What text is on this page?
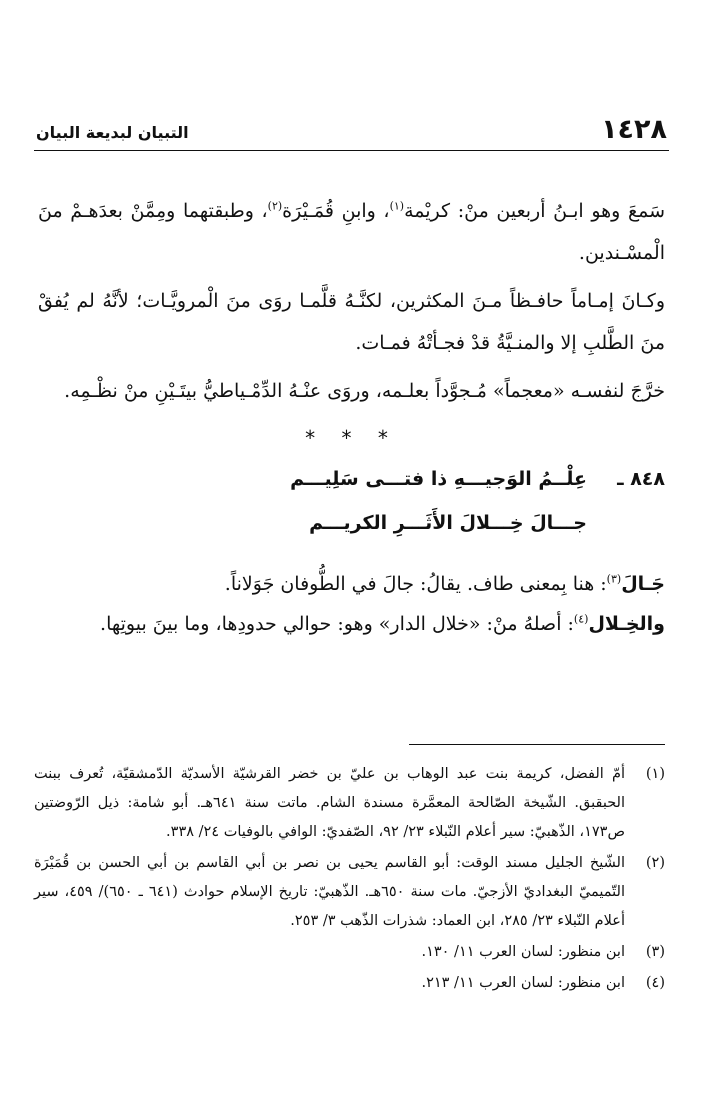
١٤٢٨
التبيان لبديعة البيان

سَمعَ وهو ابـنُ أربعين منْ: كريْمة$^{(١)}$، وابنِ قُمَـيْرَة$^{(٢)}$، وطبقتهما ومِمَّنْ بعدَهـمْ منَ الْمسْـندين.

وكـانَ إمـاماً حافـظاً مـنَ المكثرين، لكنَّـهُ قلَّمـا روَى منَ الْمرويَّـات؛ لأنَّهُ لم يُفقْ منَ الطَّلبِ إلا والمنـيَّةُ قدْ فجـأتْهُ فمـات.

خرَّجَ لنفسـه «معجماً» مُـجوَّداً بعلـمه، وروَى عنْـهُ الدِّمْـياطيُّ بيتَـيْنِ منْ نظْـمِه.

* * *
٨٤٨ ـ
عِلْــمُ الوَجيـــهِ ذا فتـــى سَلِيـــم
جـــالَ خِـــلالَ الأَثَـــرِ الكريـــم

جَـالَ$^{(٣)}$: هنا بِمعنى طاف. يقالُ: جالَ في الطُّوفان جَوَلاناً.

والخِـلال$^{(٤)}$: أصلهُ منْ: «خلال الدار» وهو: حوالي حدودِها، وما بينَ بيوتِها.

(١)
أمّ الفضل، كريمة بنت عبد الوهاب بن عليّ بن خضر القرشيّة الأسديّة الدّمشقيّة، تُعرف ببنت الحبقبق. الشّيخة الصّالحة المعمَّرة مسندة الشام. ماتت سنة ٦٤١هـ. أبو شامة: ذيل الرّوضتين ص١٧٣، الذّهبيّ: سير أعلام النّبلاء ٢٣/ ٩٢، الصّفديّ: الوافي بالوفيات ٢٤/ ٣٣٨.
(٢)
الشّيخ الجليل مسند الوقت: أبو القاسم يحيى بن نصر بن أبي القاسم بن أبي الحسن بن قُمَيْرَة التّميميّ البغداديّ الأزجيّ. مات سنة ٦٥٠هـ. الذّهبيّ: تاريخ الإسلام حوادث (٦٤١ ـ ٦٥٠)/ ٤٥٩، سير أعلام النّبلاء ٢٣/ ٢٨٥، ابن العماد: شذرات الذّهب ٣/ ٢٥٣.
(٣)
ابن منظور: لسان العرب ١١/ ١٣٠.
(٤)
ابن منظور: لسان العرب ١١/ ٢١٣.
